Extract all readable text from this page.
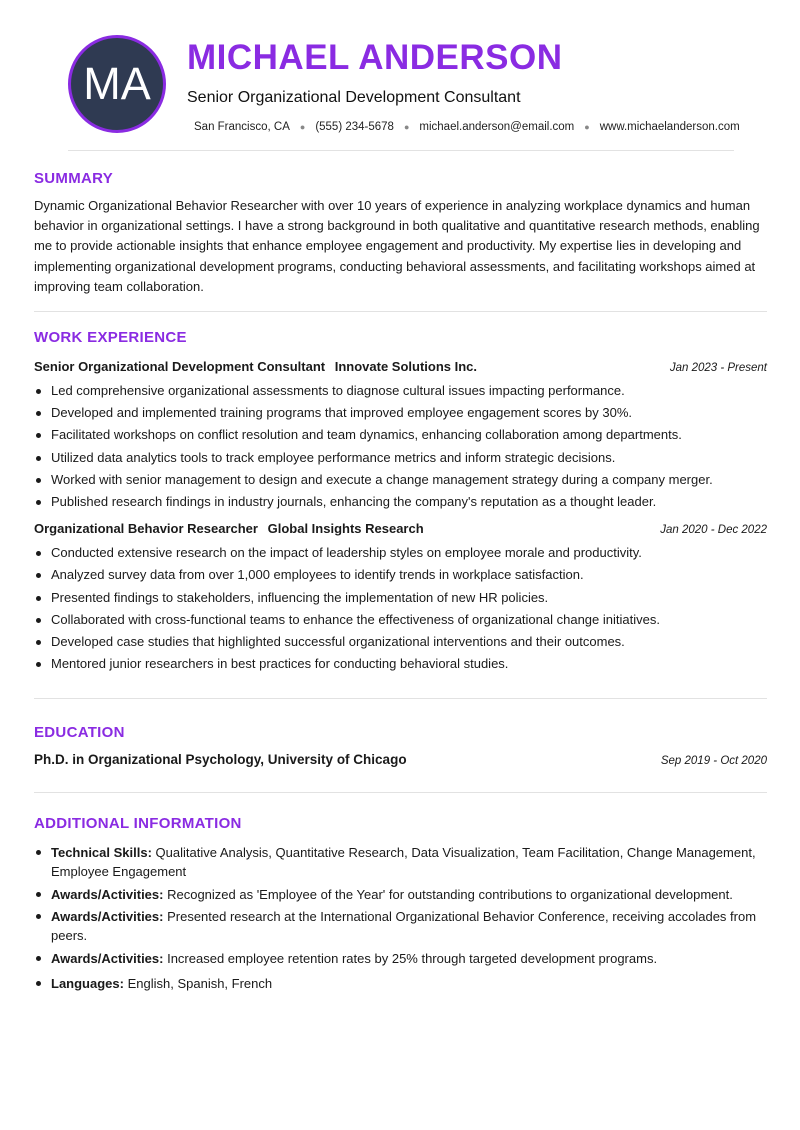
MA
MICHAEL ANDERSON
Senior Organizational Development Consultant
San Francisco, CA ● (555) 234-5678 ● michael.anderson@email.com ● www.michaelanderson.com
SUMMARY

Dynamic Organizational Behavior Researcher with over 10 years of experience in analyzing workplace dynamics and human behavior in organizational settings. I have a strong background in both qualitative and quantitative research methods, enabling me to provide actionable insights that enhance employee engagement and productivity. My expertise lies in developing and implementing organizational development programs, conducting behavioral assessments, and facilitating workshops aimed at improving team collaboration.

WORK EXPERIENCE
Senior Organizational Development Consultant Innovate Solutions Inc.	Jan 2023 - Present
Led comprehensive organizational assessments to diagnose cultural issues impacting performance.
Developed and implemented training programs that improved employee engagement scores by 30%.
Facilitated workshops on conflict resolution and team dynamics, enhancing collaboration among departments.
Utilized data analytics tools to track employee performance metrics and inform strategic decisions.
Worked with senior management to design and execute a change management strategy during a company merger.
Published research findings in industry journals, enhancing the company's reputation as a thought leader.
Organizational Behavior Researcher Global Insights Research	Jan 2020 - Dec 2022
Conducted extensive research on the impact of leadership styles on employee morale and productivity.
Analyzed survey data from over 1,000 employees to identify trends in workplace satisfaction.
Presented findings to stakeholders, influencing the implementation of new HR policies.
Collaborated with cross-functional teams to enhance the effectiveness of organizational change initiatives.
Developed case studies that highlighted successful organizational interventions and their outcomes.
Mentored junior researchers in best practices for conducting behavioral studies.
EDUCATION
Ph.D. in Organizational Psychology, University of Chicago	Sep 2019 - Oct 2020
ADDITIONAL INFORMATION
Technical Skills: Qualitative Analysis, Quantitative Research, Data Visualization, Team Facilitation, Change Management, Employee Engagement
Awards/Activities: Recognized as 'Employee of the Year' for outstanding contributions to organizational development.
Awards/Activities: Presented research at the International Organizational Behavior Conference, receiving accolades from peers.
Awards/Activities: Increased employee retention rates by 25% through targeted development programs.
Languages: English, Spanish, French
